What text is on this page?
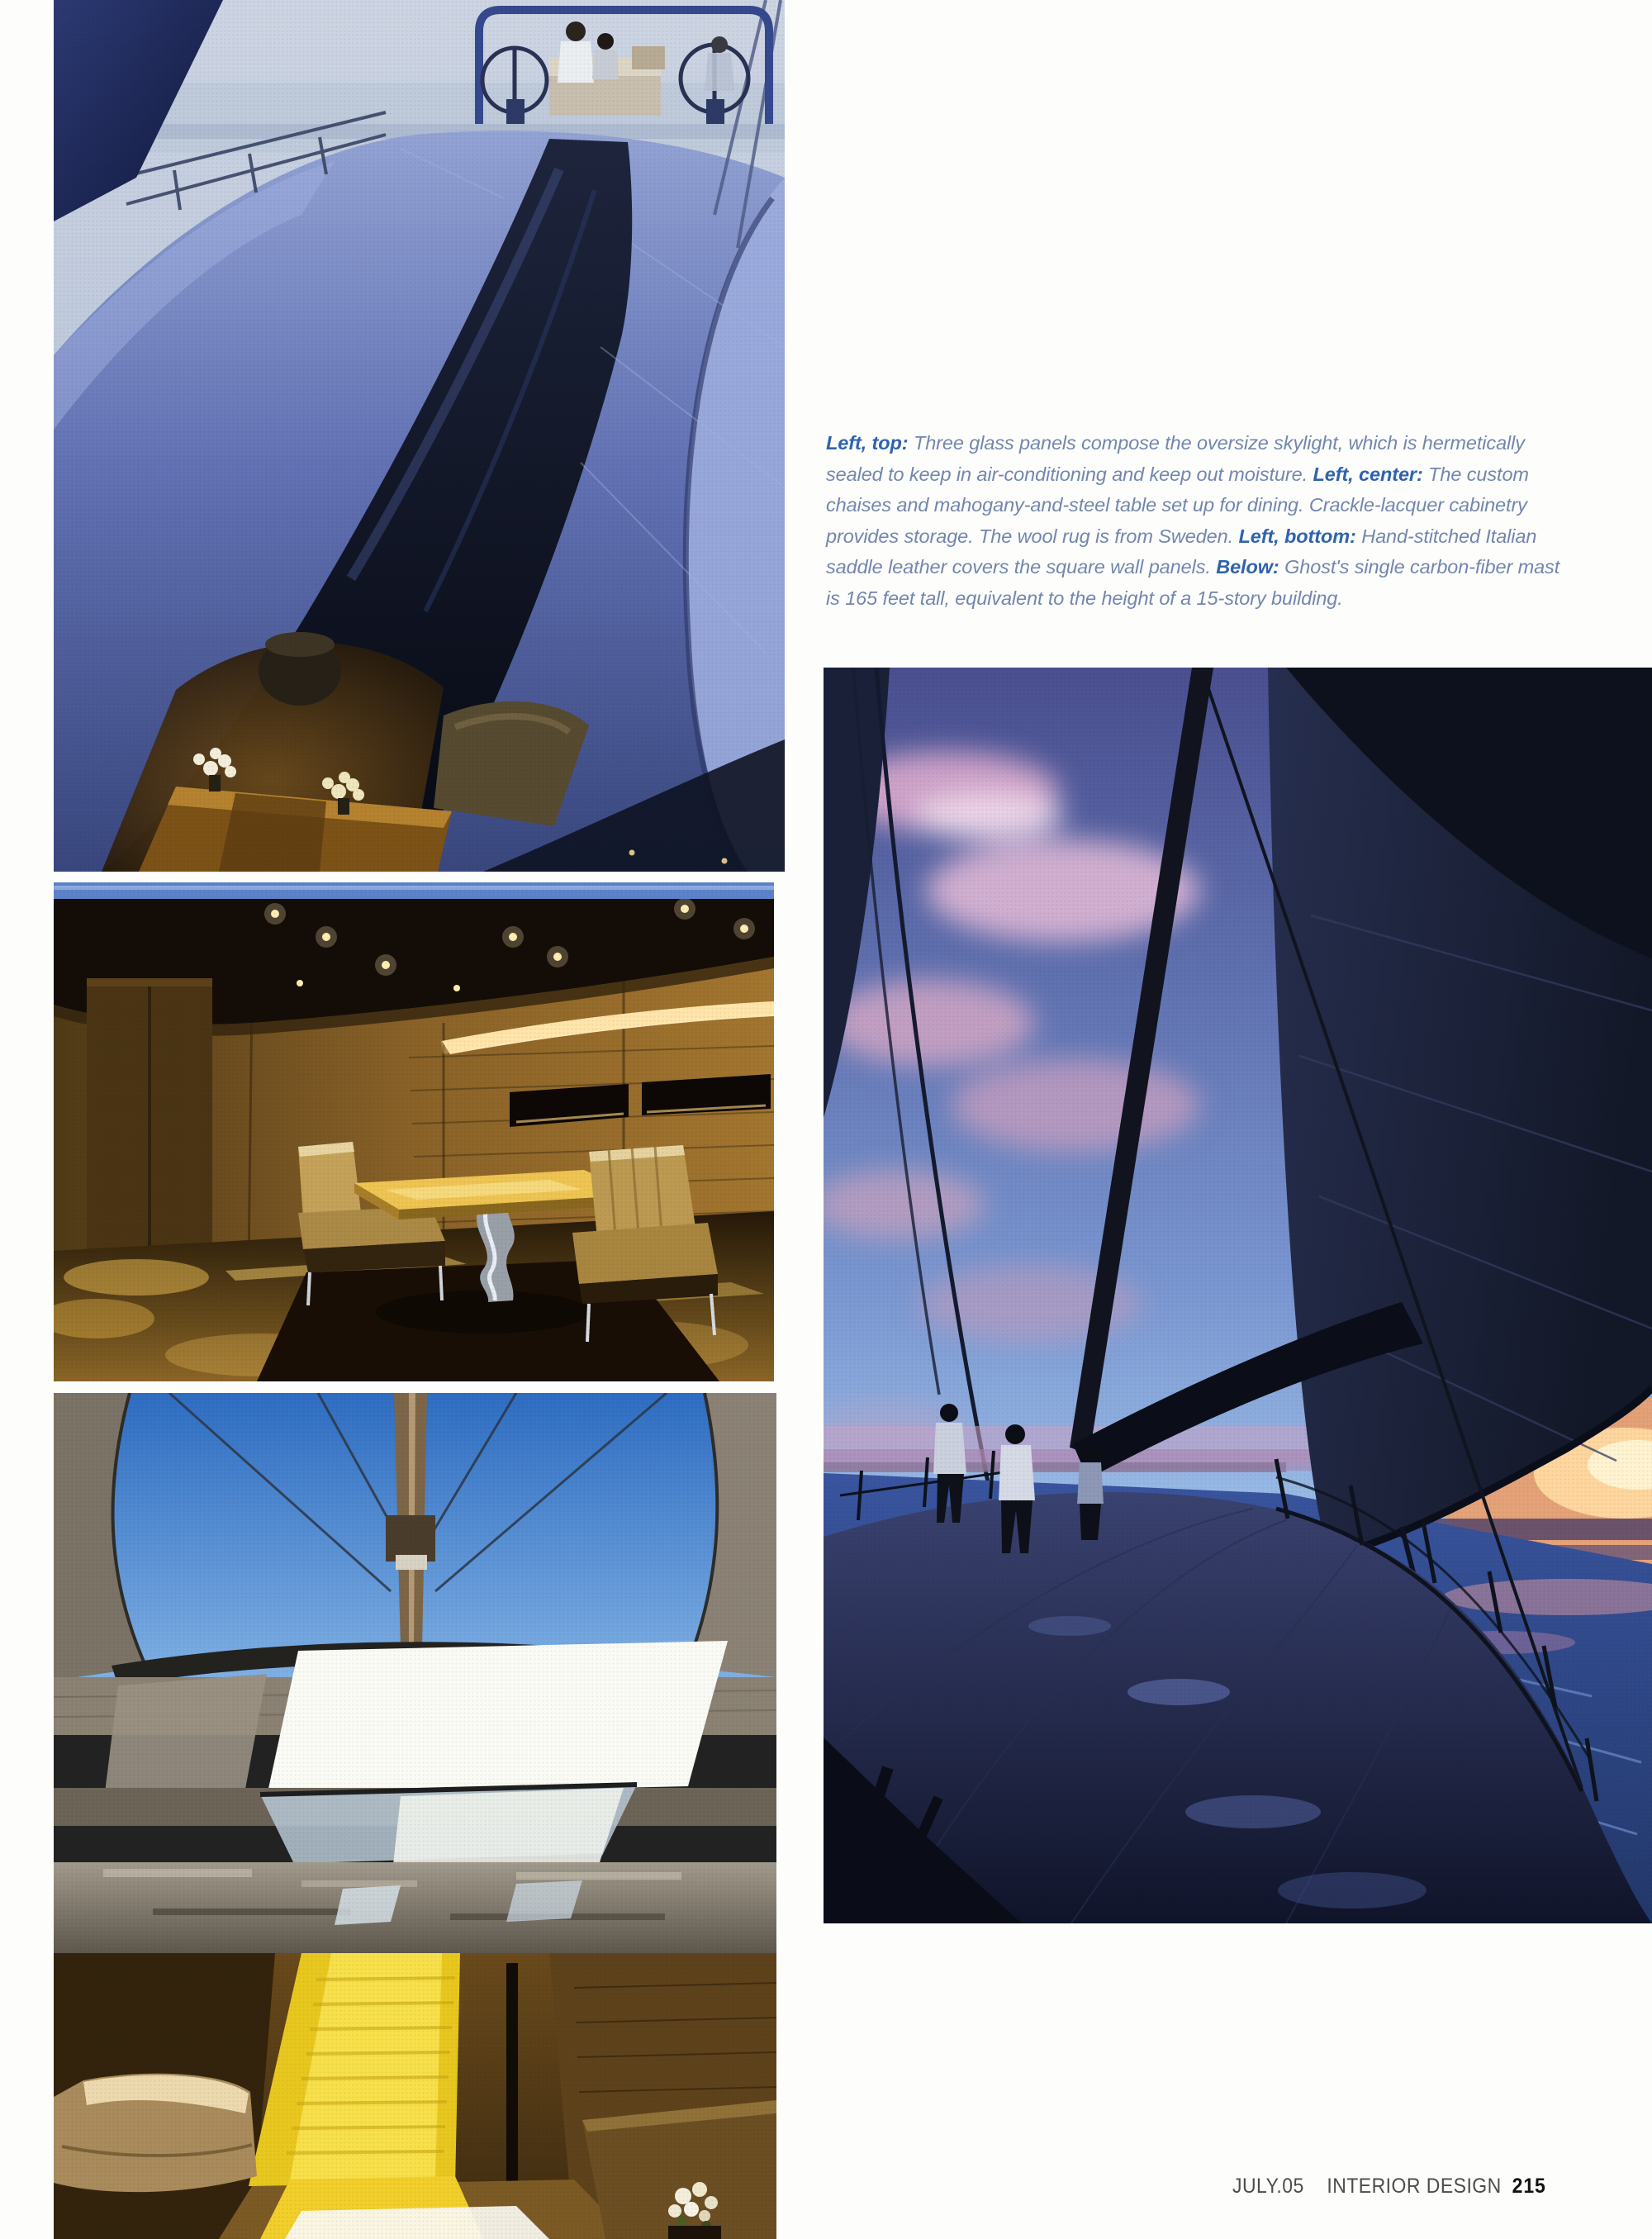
Left, top: Three glass panels compose the oversize skylight, which is hermetically sealed to keep in air-conditioning and keep out moisture. Left, center: The custom chaises and mahogany-and-steel table set up for dining. Crackle-lacquer cabinetry provides storage. The wool rug is from Sweden. Left, bottom: Hand-stitched Italian saddle leather covers the square wall panels. Below: Ghost's single carbon-fiber mast is 165 feet tall, equivalent to the height of a 15-story building.

JULY.05 INTERIOR DESIGN 215
